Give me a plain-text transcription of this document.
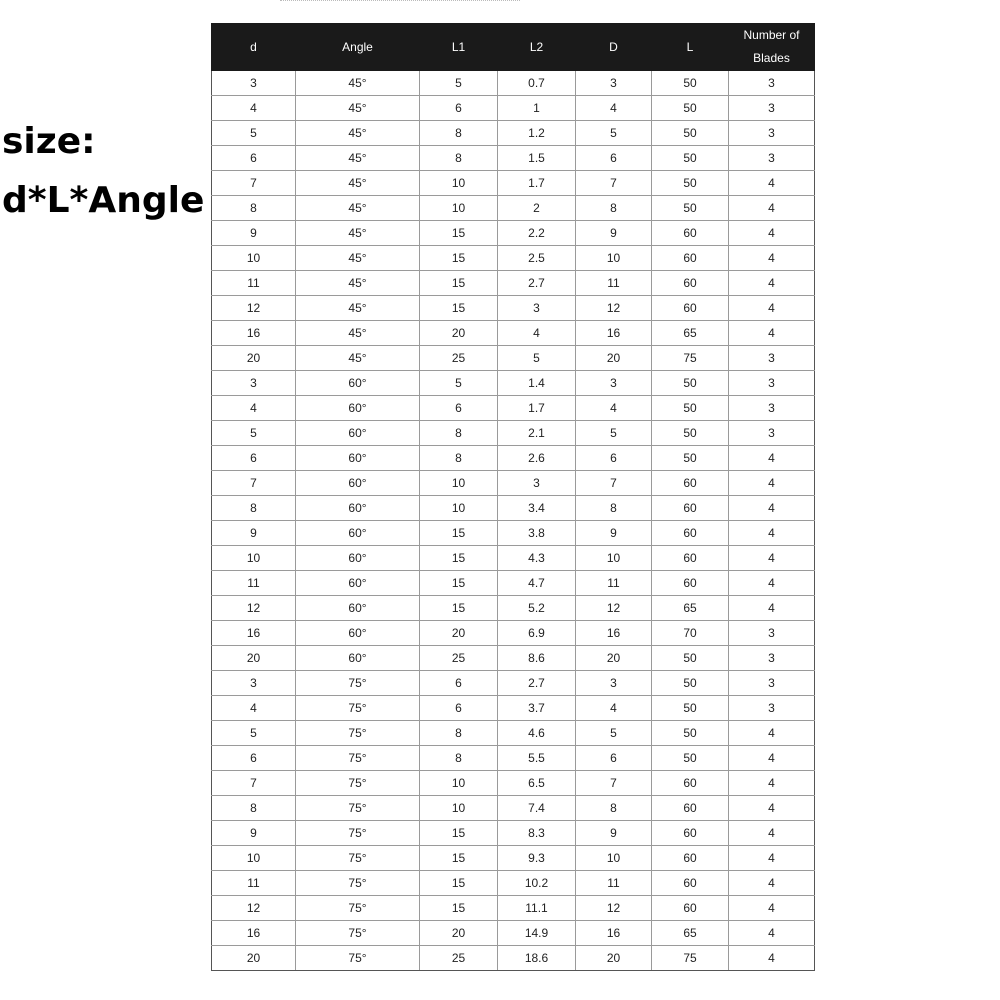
size:
d*L*Angle
d	Angle	L1	L2	D	L	Number of Blades
3	45°	5	0.7	3	50	3
4	45°	6	1	4	50	3
5	45°	8	1.2	5	50	3
6	45°	8	1.5	6	50	3
7	45°	10	1.7	7	50	4
8	45°	10	2	8	50	4
9	45°	15	2.2	9	60	4
10	45°	15	2.5	10	60	4
11	45°	15	2.7	11	60	4
12	45°	15	3	12	60	4
16	45°	20	4	16	65	4
20	45°	25	5	20	75	3
3	60°	5	1.4	3	50	3
4	60°	6	1.7	4	50	3
5	60°	8	2.1	5	50	3
6	60°	8	2.6	6	50	4
7	60°	10	3	7	60	4
8	60°	10	3.4	8	60	4
9	60°	15	3.8	9	60	4
10	60°	15	4.3	10	60	4
11	60°	15	4.7	11	60	4
12	60°	15	5.2	12	65	4
16	60°	20	6.9	16	70	3
20	60°	25	8.6	20	50	3
3	75°	6	2.7	3	50	3
4	75°	6	3.7	4	50	3
5	75°	8	4.6	5	50	4
6	75°	8	5.5	6	50	4
7	75°	10	6.5	7	60	4
8	75°	10	7.4	8	60	4
9	75°	15	8.3	9	60	4
10	75°	15	9.3	10	60	4
11	75°	15	10.2	11	60	4
12	75°	15	11.1	12	60	4
16	75°	20	14.9	16	65	4
20	75°	25	18.6	20	75	4
